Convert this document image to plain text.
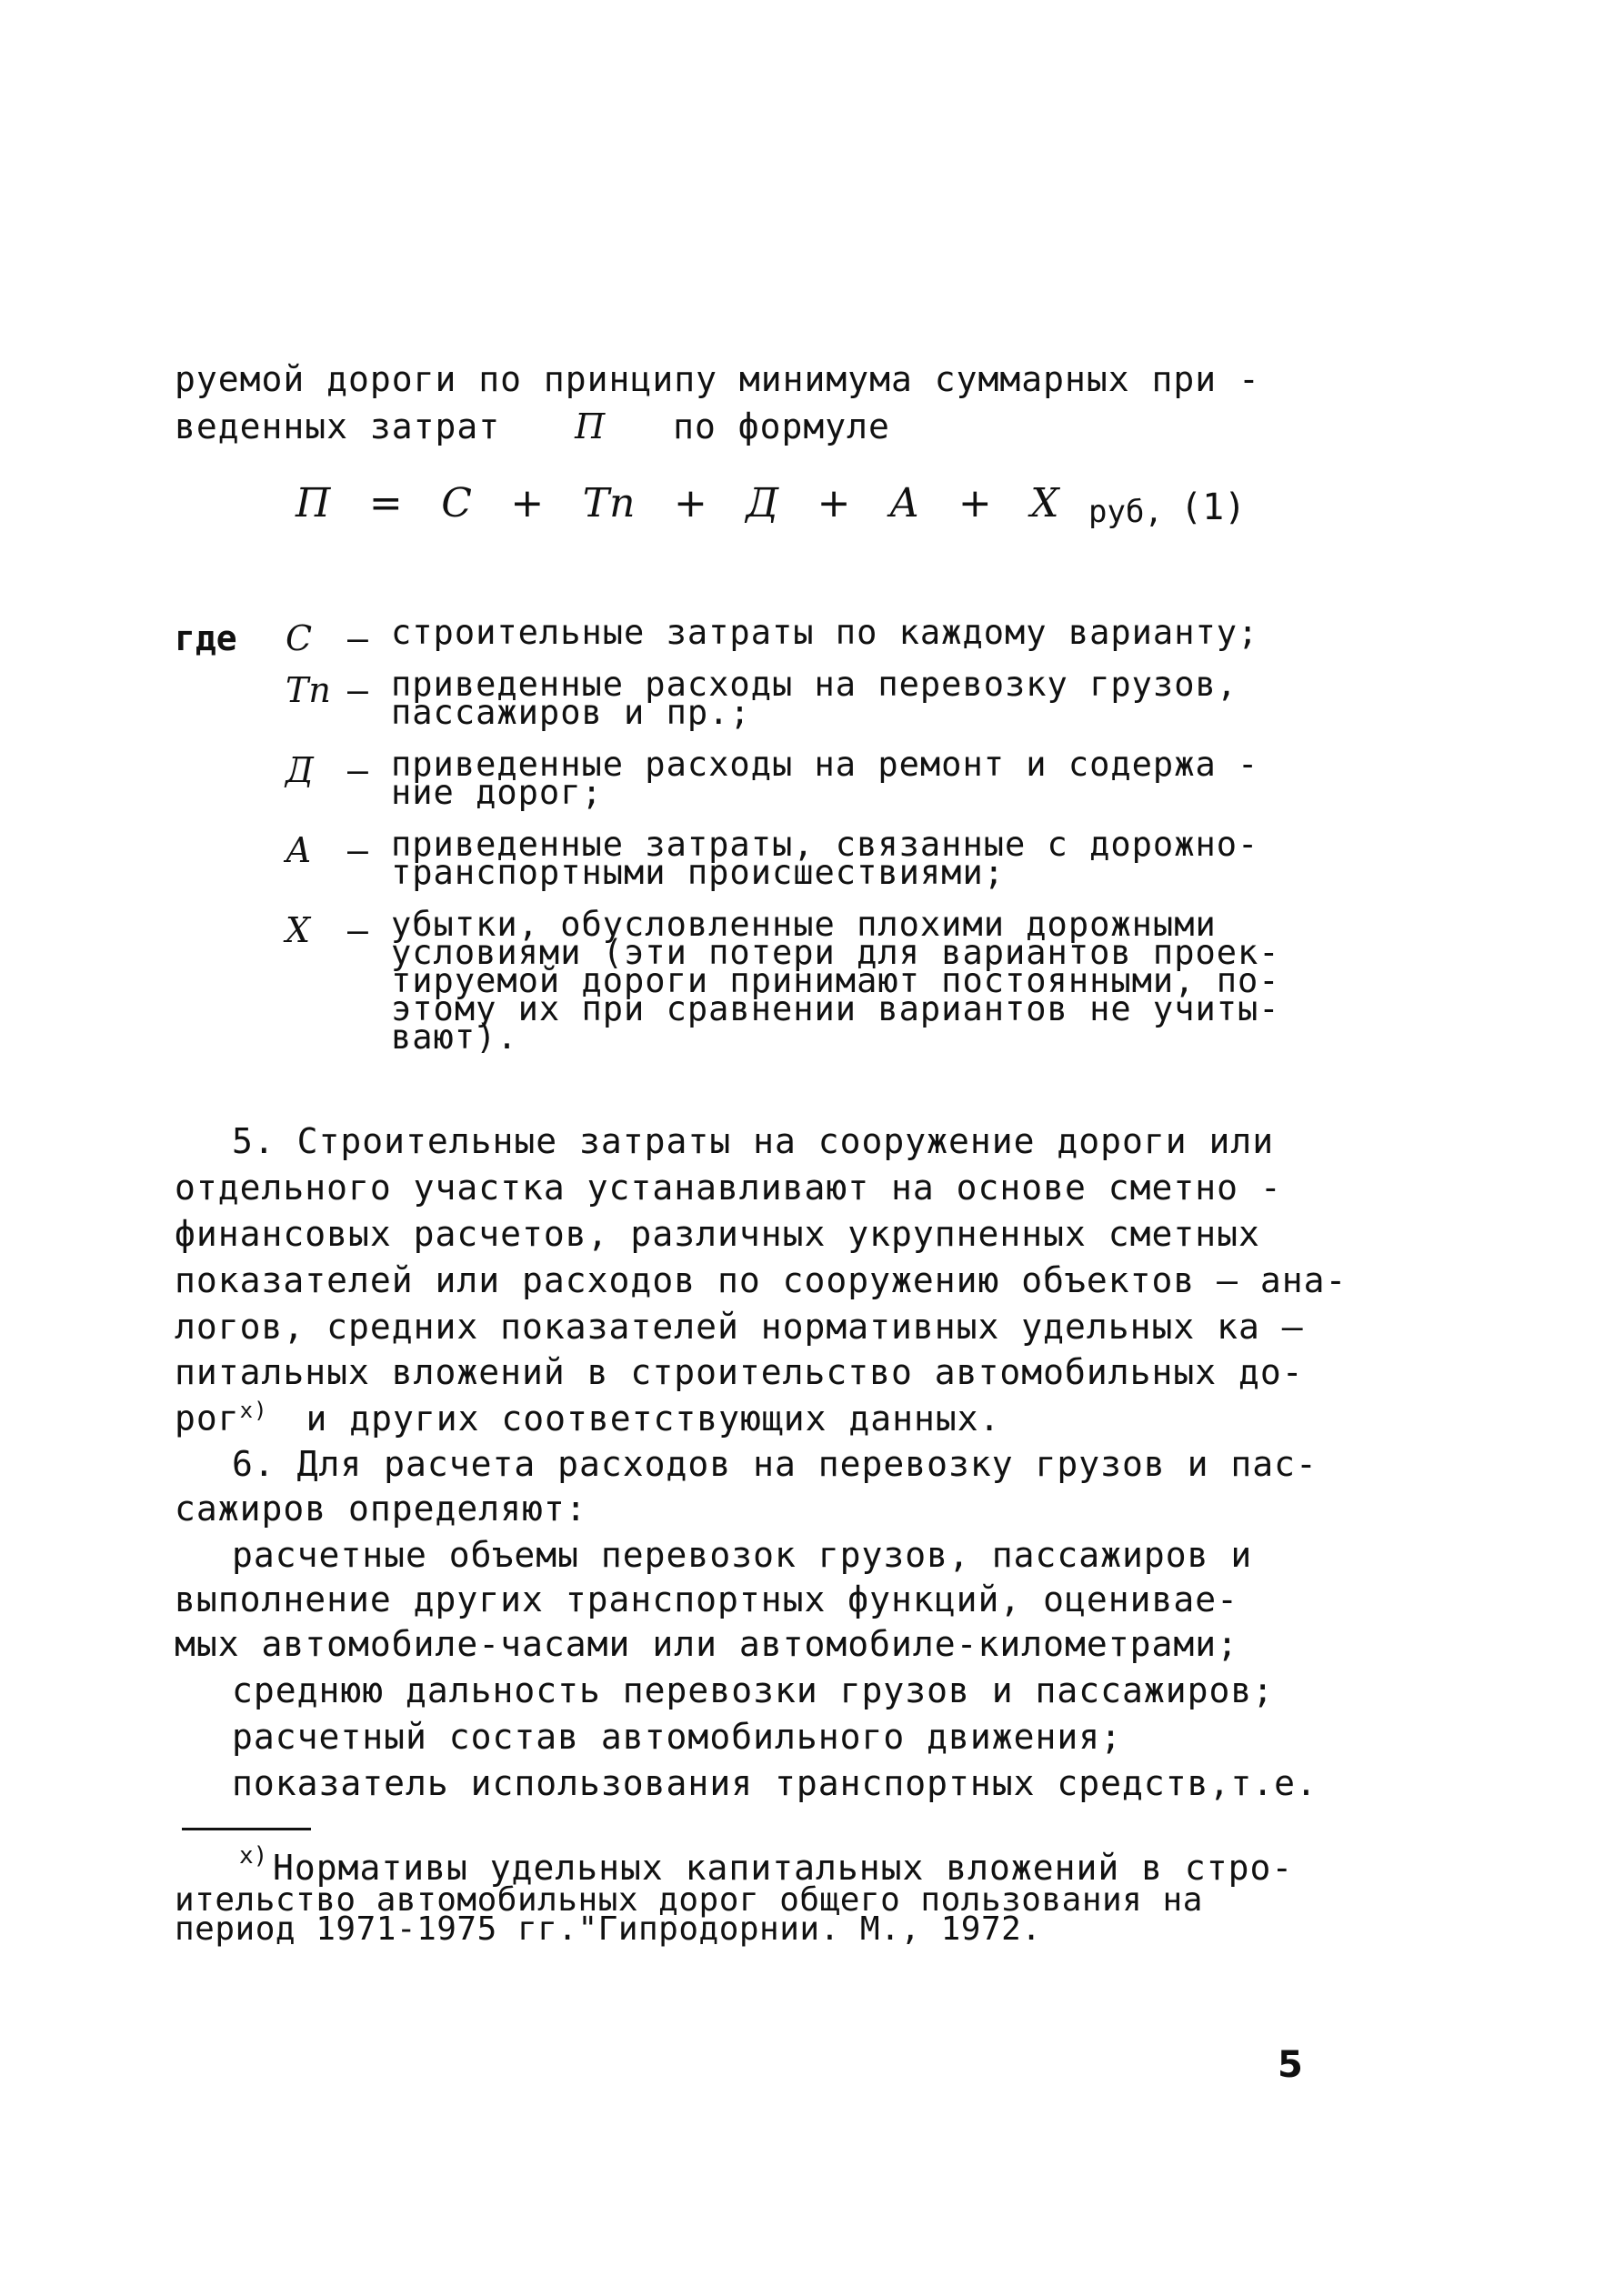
руемой дороги по принципу минимума суммарных при -
веденных затрат П по формуле
П = С + Тп + Д + А + Х руб, (1)
где С – строительные затраты по каждому варианту;
Тп – приведенные расходы на перевозку грузов,
пассажиров и пр.;
Д – приведенные расходы на ремонт и содержа -
ние дорог;
А – приведенные затраты, связанные с дорожно-
транспортными происшествиями;
Х – убытки, обусловленные плохими дорожными
условиями (эти потери для вариантов проек-
тируемой дороги принимают постоянными, по-
этому их при сравнении вариантов не учиты-
вают).
5. Строительные затраты на сооружение дороги или
отдельного участка устанавливают на основе сметно -
финансовых расчетов, различных укрупненных сметных
показателей или расходов по сооружению объектов – ана-
логов, средних показателей нормативных удельных ка –
питальных вложений в строительство автомобильных до-
рог$^{x)}$ и других соответствующих данных.
6. Для расчета расходов на перевозку грузов и пас-
сажиров определяют:
расчетные объемы перевозок грузов, пассажиров и
выполнение других транспортных функций, оценивае-
мых автомобиле-часами или автомобиле-километрами;
среднюю дальность перевозки грузов и пассажиров;
расчетный состав автомобильного движения;
показатель использования транспортных средств,т.е.
x) Нормативы удельных капитальных вложений в стро-
ительство автомобильных дорог общего пользования на
период 1971-1975 гг."Гипродорнии. М., 1972.
5
